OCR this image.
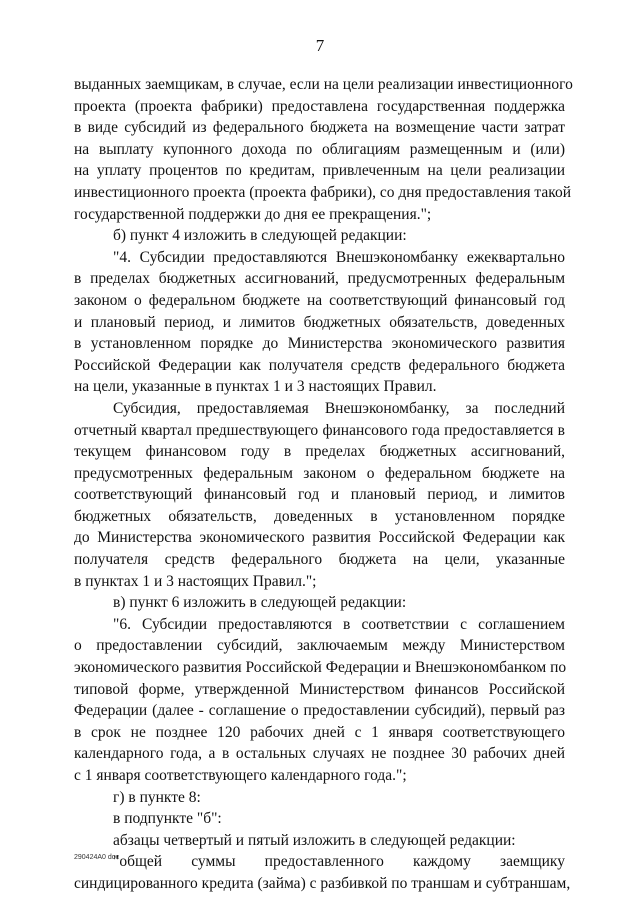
7
выданных заемщикам, в случае, если на цели реализации инвестиционного
проекта (проекта фабрики) предоставлена государственная поддержка
в виде субсидий из федерального бюджета на возмещение части затрат
на выплату купонного дохода по облигациям размещенным и (или)
на уплату процентов по кредитам, привлеченным на цели реализации
инвестиционного проекта (проекта фабрики), со дня предоставления такой
государственной поддержки до дня ее прекращения.";
б) пункт 4 изложить в следующей редакции:
"4. Субсидии предоставляются Внешэкономбанку ежеквартально
в пределах бюджетных ассигнований, предусмотренных федеральным
законом о федеральном бюджете на соответствующий финансовый год
и плановый период, и лимитов бюджетных обязательств, доведенных
в установленном порядке до Министерства экономического развития
Российской Федерации как получателя средств федерального бюджета
на цели, указанные в пунктах 1 и 3 настоящих Правил.
Субсидия, предоставляемая Внешэкономбанку, за последний
отчетный квартал предшествующего финансового года предоставляется в
текущем финансовом году в пределах бюджетных ассигнований,
предусмотренных федеральным законом о федеральном бюджете на
соответствующий финансовый год и плановый период, и лимитов
бюджетных обязательств, доведенных в установленном порядке
до Министерства экономического развития Российской Федерации как
получателя средств федерального бюджета на цели, указанные
в пунктах 1 и 3 настоящих Правил.";
в) пункт 6 изложить в следующей редакции:
"6. Субсидии предоставляются в соответствии с соглашением
о предоставлении субсидий, заключаемым между Министерством
экономического развития Российской Федерации и Внешэкономбанком по
типовой форме, утвержденной Министерством финансов Российской
Федерации (далее - соглашение о предоставлении субсидий), первый раз
в срок не позднее 120 рабочих дней с 1 января соответствующего
календарного года, а в остальных случаях не позднее 30 рабочих дней
с 1 января соответствующего календарного года.";
г) в пункте 8:
в подпункте "б":
абзацы четвертый и пятый изложить в следующей редакции:
"общей суммы предоставленного каждому заемщику
синдицированного кредита (займа) с разбивкой по траншам и субтраншам,
290424A0 doc
